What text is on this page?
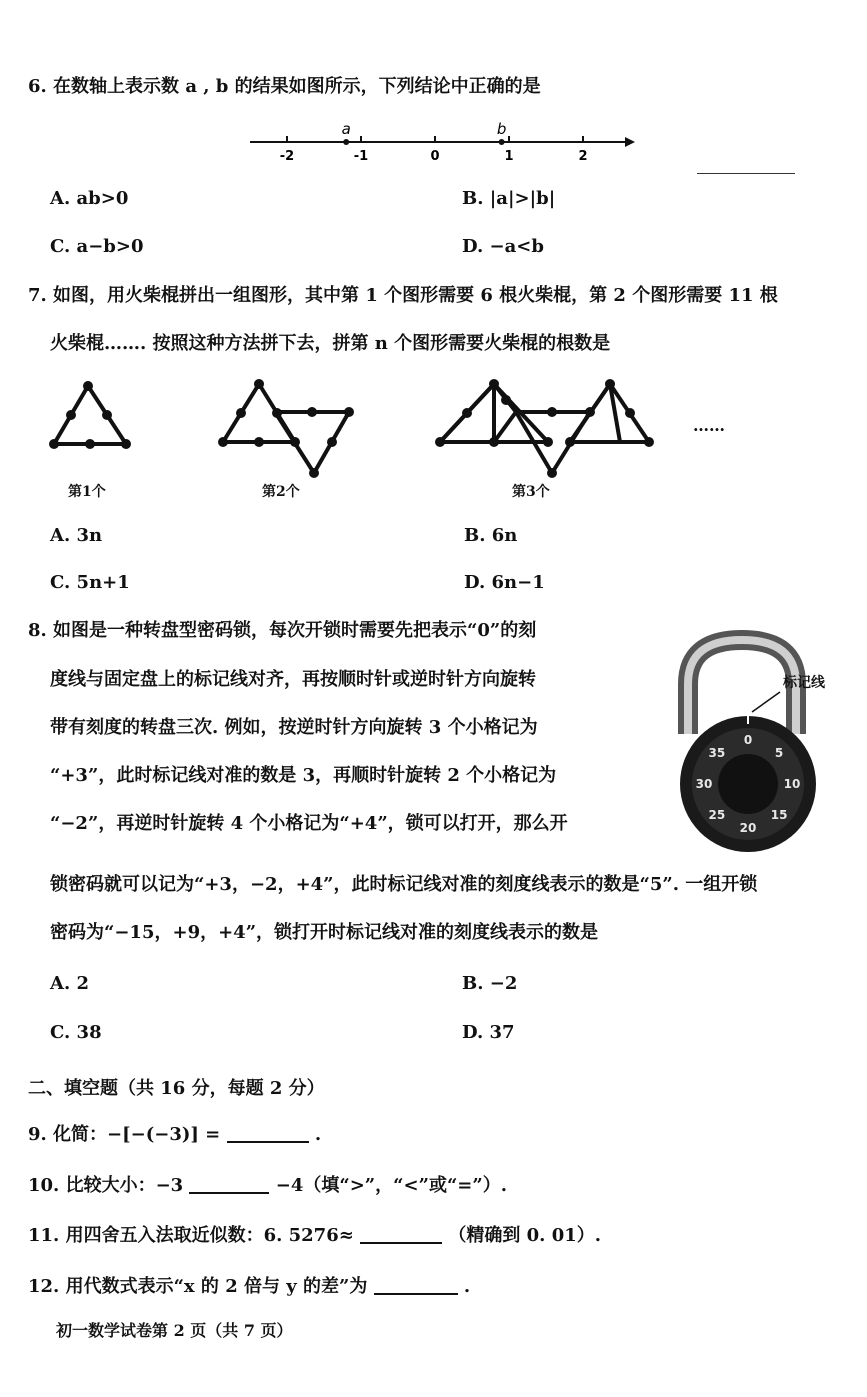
6. 在数轴上表示数 a , b 的结果如图所示，下列结论中正确的是
-2	-1	0	1	2
a	b
A. ab>0	B. |a|>|b|
C. a−b>0	D. −a<b
7. 如图，用火柴棍拼出一组图形，其中第 1 个图形需要 6 根火柴棍，第 2 个图形需要 11 根
火柴棍……. 按照这种方法拼下去，拼第 n 个图形需要火柴棍的根数是
……
第1个	第2个	第3个
A. 3n	B. 6n
C. 5n+1	D. 6n−1
8. 如图是一种转盘型密码锁，每次开锁时需要先把表示“0”的刻
度线与固定盘上的标记线对齐，再按顺时针或逆时针方向旋转
带有刻度的转盘三次. 例如，按逆时针方向旋转 3 个小格记为
“+3”，此时标记线对准的数是 3，再顺时针旋转 2 个小格记为
“−2”，再逆时针旋转 4 个小格记为“+4”，锁可以打开，那么开
锁密码就可以记为“+3，−2，+4”，此时标记线对准的刻度线表示的数是“5”. 一组开锁
密码为“−15，+9，+4”，锁打开时标记线对准的刻度线表示的数是
0
5
10
15
20
25
30
35
标记线
A. 2	B. −2
C. 38	D. 37
二、填空题（共 16 分，每题 2 分）
9. 化简：−[−(−3)] =	.
10. 比较大小：−3	−4（填“>”，“<”或“=”）.
11. 用四舍五入法取近似数：6. 5276≈	（精确到 0. 01）.
12. 用代数式表示“x 的 2 倍与 y 的差”为	.
初一数学试卷第 2 页（共 7 页）
